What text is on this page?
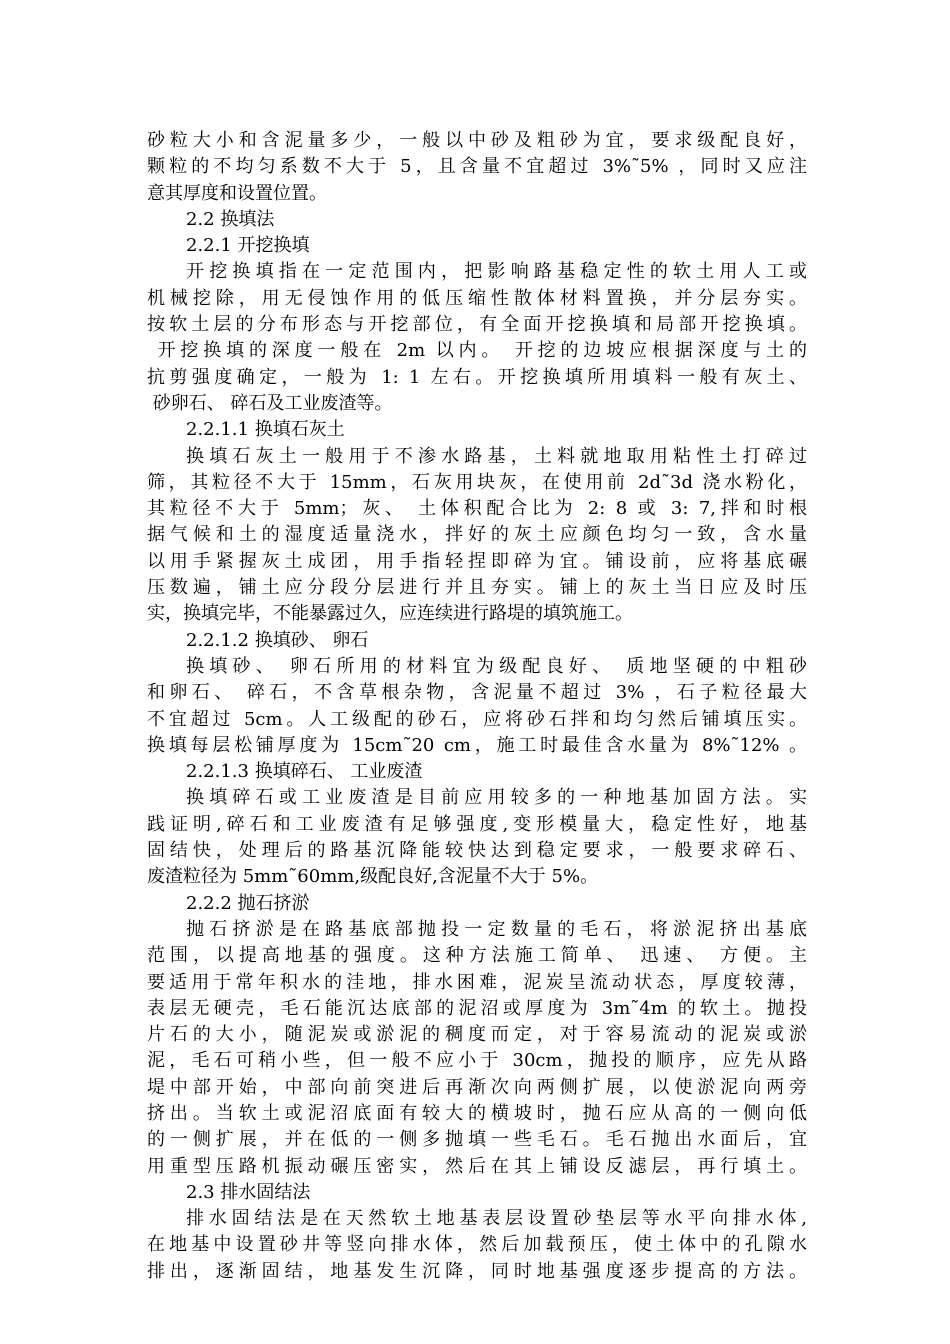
砂粒大小和含泥量多少，一般以中砂及粗砂为宜，要求级配良好，
颗粒的不均匀系数不大于 5，且含量不宜超过 3%˜5% ，同时又应注
意其厚度和设置位置。
2.2 换填法
2.2.1 开挖换填
开挖换填指在一定范围内，把影响路基稳定性的软土用人工或
机械挖除，用无侵蚀作用的低压缩性散体材料置换，并分层夯实。
按软土层的分布形态与开挖部位，有全面开挖换填和局部开挖换填。
开挖换填的深度一般在 2m 以内。 开挖的边坡应根据深度与土的
抗剪强度确定，一般为 1: 1 左右。开挖换填所用填料一般有灰土、
砂卵石、 碎石及工业废渣等。
2.2.1.1 换填石灰土
换填石灰土一般用于不渗水路基，土料就地取用粘性土打碎过
筛，其粒径不大于 15mm，石灰用块灰，在使用前 2d˜3d 浇水粉化，
其粒径不大于 5mm；灰、 土体积配合比为 2: 8 或 3: 7,拌和时根
据气候和土的湿度适量浇水，拌好的灰土应颜色均匀一致，含水量
以用手紧握灰土成团，用手指轻捏即碎为宜。铺设前，应将基底碾
压数遍，铺土应分段分层进行并且夯实。铺上的灰土当日应及时压
实，换填完毕，不能暴露过久，应连续进行路堤的填筑施工。
2.2.1.2 换填砂、 卵石
换填砂、 卵石所用的材料宜为级配良好、 质地坚硬的中粗砂
和卵石、 碎石，不含草根杂物，含泥量不超过 3% ，石子粒径最大
不宜超过 5cm。人工级配的砂石，应将砂石拌和均匀然后铺填压实。
换填每层松铺厚度为 15cm˜20 cm，施工时最佳含水量为 8%˜12% 。
2.2.1.3 换填碎石、 工业废渣
换填碎石或工业废渣是目前应用较多的一种地基加固方法。实
践证明,碎石和工业废渣有足够强度,变形模量大，稳定性好，地基
固结快，处理后的路基沉降能较快达到稳定要求，一般要求碎石、
废渣粒径为 5mm˜60mm,级配良好,含泥量不大于 5%。
2.2.2 抛石挤淤
抛石挤淤是在路基底部抛投一定数量的毛石，将淤泥挤出基底
范围，以提高地基的强度。这种方法施工简单、 迅速、 方便。主
要适用于常年积水的洼地，排水困难，泥炭呈流动状态，厚度较薄，
表层无硬壳，毛石能沉达底部的泥沼或厚度为 3m˜4m 的软土。抛投
片石的大小，随泥炭或淤泥的稠度而定，对于容易流动的泥炭或淤
泥，毛石可稍小些，但一般不应小于 30cm，抛投的顺序，应先从路
堤中部开始，中部向前突进后再渐次向两侧扩展，以使淤泥向两旁
挤出。当软土或泥沼底面有较大的横坡时，抛石应从高的一侧向低
的一侧扩展，并在低的一侧多抛填一些毛石。毛石抛出水面后，宜
用重型压路机振动碾压密实，然后在其上铺设反滤层，再行填土。
2.3 排水固结法
排水固结法是在天然软土地基表层设置砂垫层等水平向排水体,
在地基中设置砂井等竖向排水体，然后加载预压，使土体中的孔隙水
排出，逐渐固结，地基发生沉降，同时地基强度逐步提高的方法。
